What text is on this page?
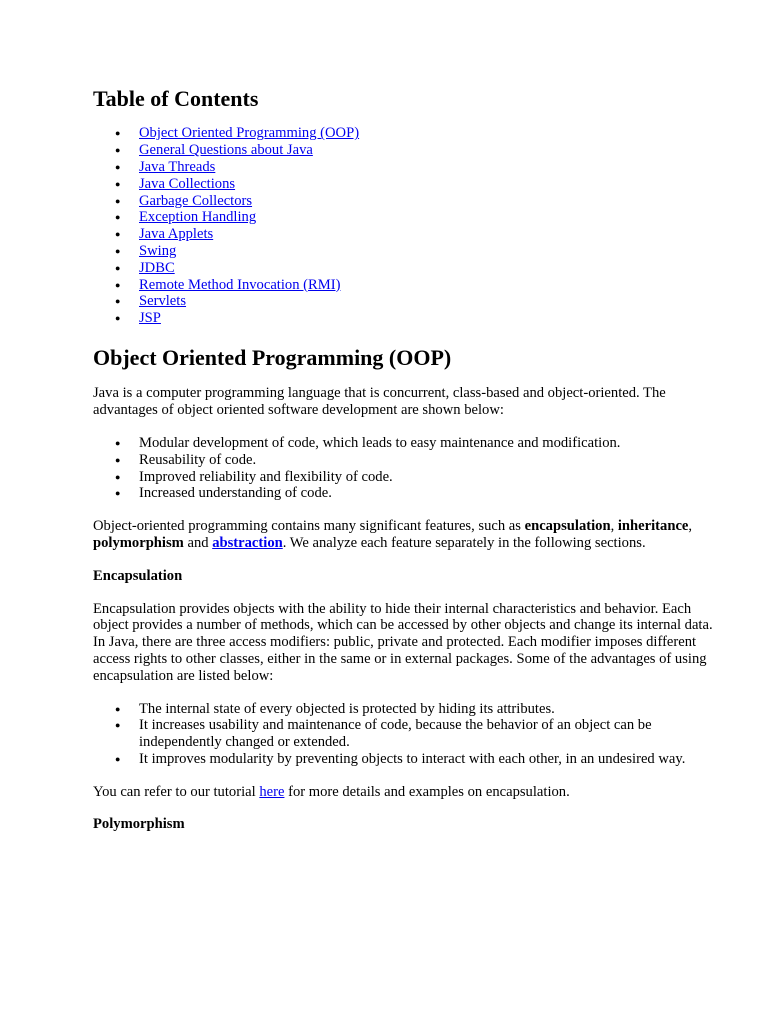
Table of Contents
● Object Oriented Programming (OOP)
● General Questions about Java
● Java Threads
● Java Collections
● Garbage Collectors
● Exception Handling
● Java Applets
● Swing
● JDBC
● Remote Method Invocation (RMI)
● Servlets
● JSP
Object Oriented Programming (OOP)

Java is a computer programming language that is concurrent, class-based and object-oriented. The advantages of object oriented software development are shown below:

● Modular development of code, which leads to easy maintenance and modification.
● Reusability of code.
● Improved reliability and flexibility of code.
● Increased understanding of code.

Object-oriented programming contains many significant features, such as encapsulation, inheritance, polymorphism and abstraction. We analyze each feature separately in the following sections.

Encapsulation

Encapsulation provides objects with the ability to hide their internal characteristics and behavior. Each object provides a number of methods, which can be accessed by other objects and change its internal data. In Java, there are three access modifiers: public, private and protected. Each modifier imposes different access rights to other classes, either in the same or in external packages. Some of the advantages of using encapsulation are listed below:

● The internal state of every objected is protected by hiding its attributes.
● It increases usability and maintenance of code, because the behavior of an object can be independently changed or extended.
● It improves modularity by preventing objects to interact with each other, in an undesired way.

You can refer to our tutorial here for more details and examples on encapsulation.

Polymorphism
